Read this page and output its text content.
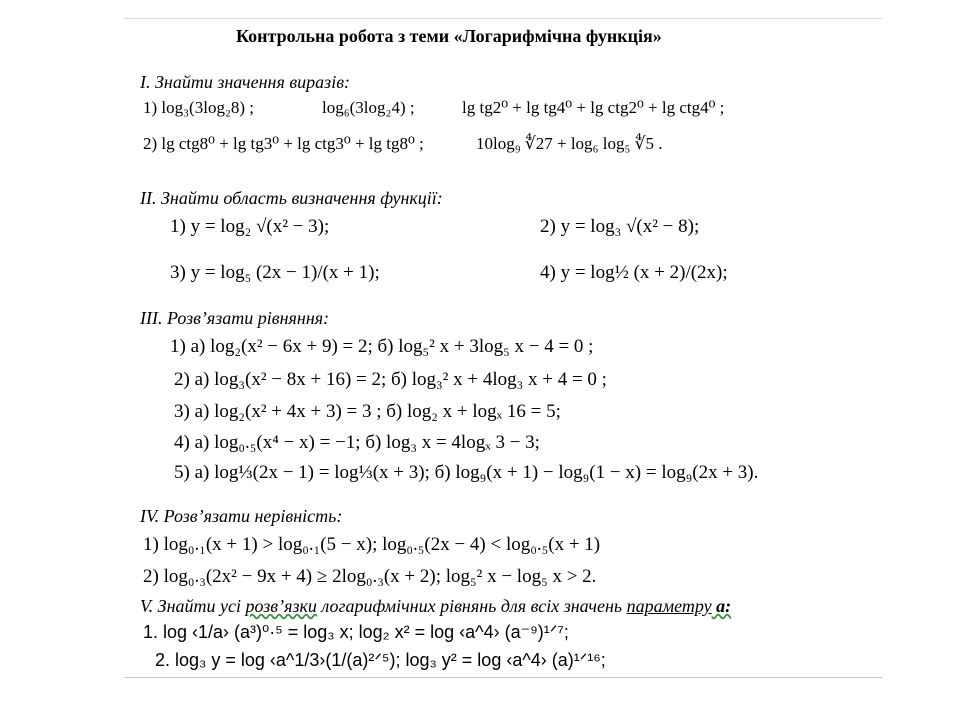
Контрольна робота з теми «Логарифмічна функція»
I. Знайти значення виразів:
1) log₃(3log₂8) ;	log₆(3log₂4) ;	lg tg2⁰ + lg tg4⁰ + lg ctg2⁰ + lg ctg4⁰ ;
2) lg ctg8⁰ + lg tg3⁰ + lg ctg3⁰ + lg tg8⁰ ;	10log₉ ∜27 + log₆ log₅ ∜5 .
II. Знайти область визначення функції:
1) y = log₂ √(x² − 3);	2) y = log₃ √(x² − 8);
3) y = log₅ (2x − 1)/(x + 1);	4) y = log½ (x + 2)/(2x);
III. Розв’язати рівняння:
1) а) log₂(x² − 6x + 9) = 2; б) log₅² x + 3log₅ x − 4 = 0 ;
2) а) log₃(x² − 8x + 16) = 2; б) log₃² x + 4log₃ x + 4 = 0 ;
3) а) log₂(x² + 4x + 3) = 3 ; б) log₂ x + logₓ 16 = 5;
4) а) log₀.₅(x⁴ − x) = −1; б) log₃ x = 4logₓ 3 − 3;
5) а) log⅓(2x − 1) = log⅓(x + 3); б) log₉(x + 1) − log₉(1 − x) = log₉(2x + 3).
IV. Розв’язати нерівність:
1) log₀.₁(x + 1) > log₀.₁(5 − x); log₀.₅(2x − 4) < log₀.₅(x + 1)
2) log₀.₃(2x² − 9x + 4) ≥ 2log₀.₃(x + 2); log₅² x − log₅ x > 2.
V. Знайти усі розв’язки логарифмічних рівнянь для всіх значень параметру а:
1. log ‹1/a› (a³)⁰·⁵ = log₃ x; log₂ x² = log ‹a^4› (a⁻⁹)¹ᐟ⁷;
2. log₃ y = log ‹a^1/3›(1/(a)²ᐟ⁵); log₃ y² = log ‹a^4› (a)¹ᐟ¹⁶;
